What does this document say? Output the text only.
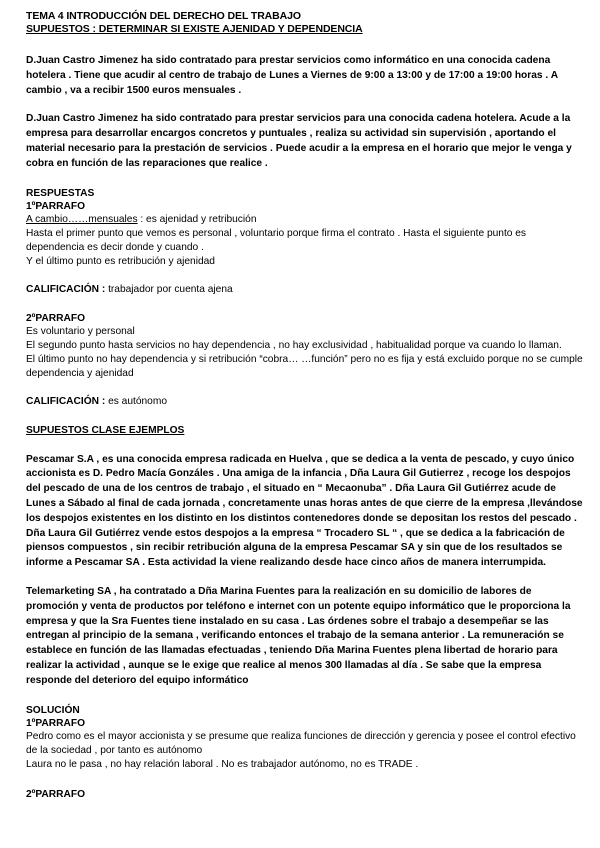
TEMA 4 INTRODUCCIÓN DEL DERECHO DEL TRABAJO

SUPUESTOS : DETERMINAR SI EXISTE AJENIDAD Y DEPENDENCIA

D.Juan Castro Jimenez ha sido contratado para prestar servicios como informático en una conocida cadena hotelera . Tiene que acudir al centro de trabajo de Lunes a Viernes de 9:00 a 13:00 y de 17:00 a 19:00 horas . A cambio , va a recibir 1500 euros mensuales .

D.Juan Castro Jimenez ha sido contratado para prestar servicios para una conocida cadena hotelera. Acude a la empresa para desarrollar encargos concretos y puntuales , realiza su actividad sin supervisión , aportando el material necesario para la prestación de servicios . Puede acudir a la empresa en el horario que mejor le venga y cobra en función de las reparaciones que realice .

RESPUESTAS

1ºPARRAFO

A cambio……mensuales : es ajenidad y retribución

Hasta el primer punto que vemos es personal , voluntario porque firma el contrato . Hasta el siguiente punto es dependencia es decir donde y cuando .

Y el último punto es retribución y ajenidad

CALIFICACIÓN : trabajador por cuenta ajena

2ºPARRAFO

Es voluntario y personal

El segundo punto hasta servicios no hay dependencia , no hay exclusividad , habitualidad porque va cuando lo llaman.

El último punto no hay dependencia y si retribución “cobra… …función” pero no es fija y está excluido porque no se cumple dependencia y ajenidad

CALIFICACIÓN : es autónomo

SUPUESTOS CLASE EJEMPLOS

Pescamar S.A , es una conocida empresa radicada en Huelva , que se dedica a la venta de pescado, y cuyo único accionista es D. Pedro Macía Gonzáles . Una amiga de la infancia , Dña Laura Gil Gutierrez , recoge los despojos del pescado de una de los centros de trabajo , el situado en “ Mecaonuba” . Dña Laura Gil Gutiérrez acude de Lunes a Sábado al final de cada jornada , concretamente unas horas antes de que cierre de la empresa ,llevándose los despojos existentes en los distinto en los distintos contenedores donde se depositan los restos del pescado . Dña Laura Gil Gutiérrez vende estos despojos a la empresa “ Trocadero SL “ , que se dedica a la fabricación de piensos compuestos , sin recibir retribución alguna de la empresa Pescamar SA y sin que de los resultados se informe a Pescamar SA . Esta actividad la viene realizando desde hace cinco años de manera interrumpida.

Telemarketing SA , ha contratado a Dña Marina Fuentes para la realización en su domicilio de labores de promoción y venta de productos por teléfono e internet con un potente equipo informático que le proporciona la empresa y que la Sra Fuentes tiene instalado en su casa . Las órdenes sobre el trabajo a desempeñar se las entregan al principio de la semana , verificando entonces el trabajo de la semana anterior . La remuneración se establece en función de las llamadas efectuadas , teniendo Dña Marina Fuentes plena libertad de horario para realizar la actividad , aunque se le exige que realice al menos 300 llamadas al día . Se sabe que la empresa responde del deterioro del equipo informático

SOLUCIÓN

1ºPARRAFO

Pedro como es el mayor accionista y se presume que realiza funciones de dirección y gerencia y posee el control efectivo de la sociedad , por tanto es autónomo

Laura no le pasa , no hay relación laboral . No es trabajador autónomo, no es TRADE .

2ºPARRAFO
